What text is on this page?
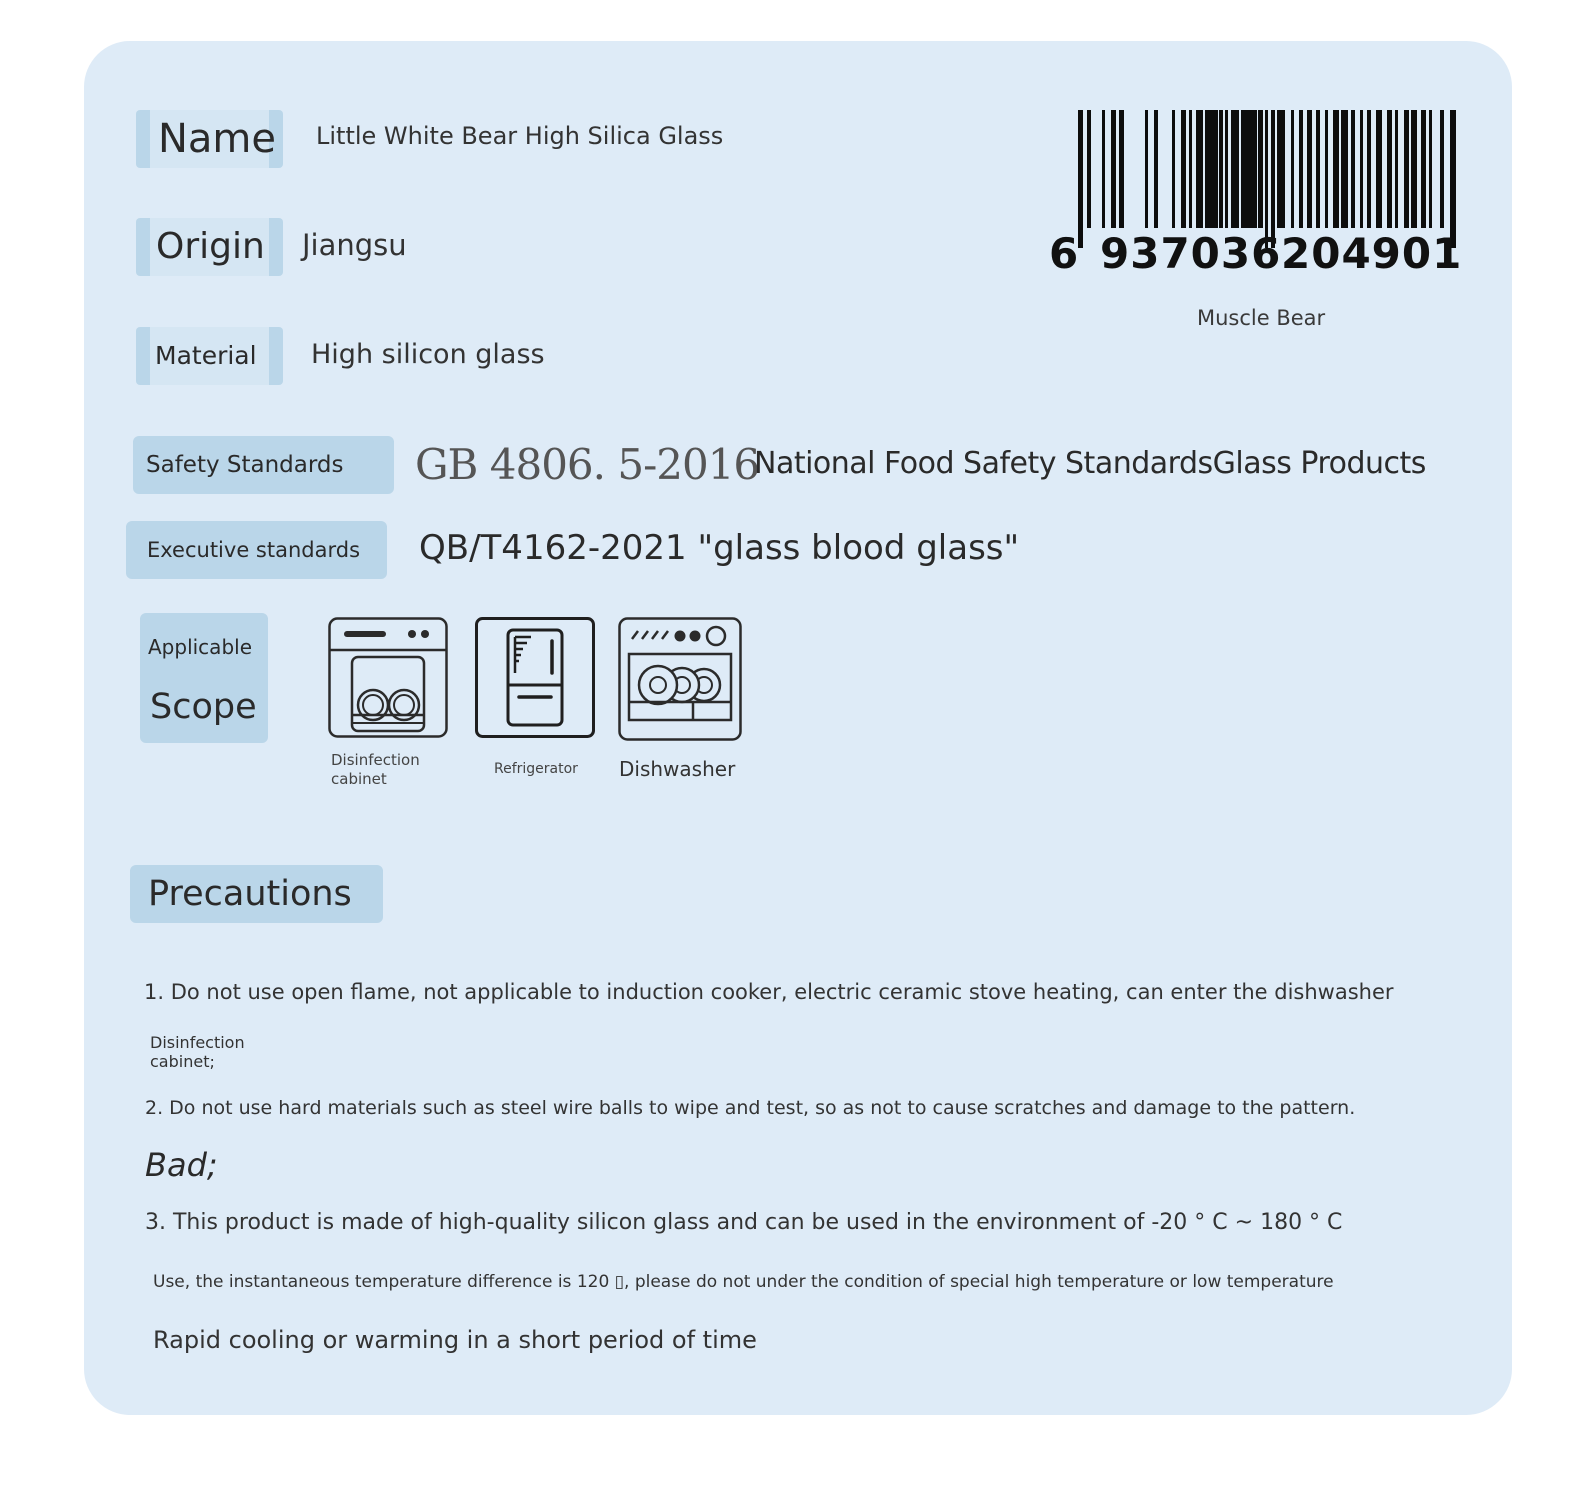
Name Little White Bear High Silica Glass
Origin Jiangsu
Material High silicon glass
6 937036 204901
Muscle Bear
Safety Standards GB 4806. 5-2016
National Food Safety StandardsGlass Products
Executive standards QB/T4162-2021 "glass blood glass"
Applicable
Scope
Disinfection
cabinet
Refrigerator Dishwasher
Precautions
1. Do not use open flame, not applicable to induction cooker, electric ceramic stove heating, can enter the dishwasher
Disinfection
cabinet;
2. Do not use hard materials such as steel wire balls to wipe and test, so as not to cause scratches and damage to the pattern.
Bad;
3. This product is made of high-quality silicon glass and can be used in the environment of -20 ° C ~ 180 ° C
Use, the instantaneous temperature difference is 120 ▯, please do not under the condition of special high temperature or low temperature
Rapid cooling or warming in a short period of time
